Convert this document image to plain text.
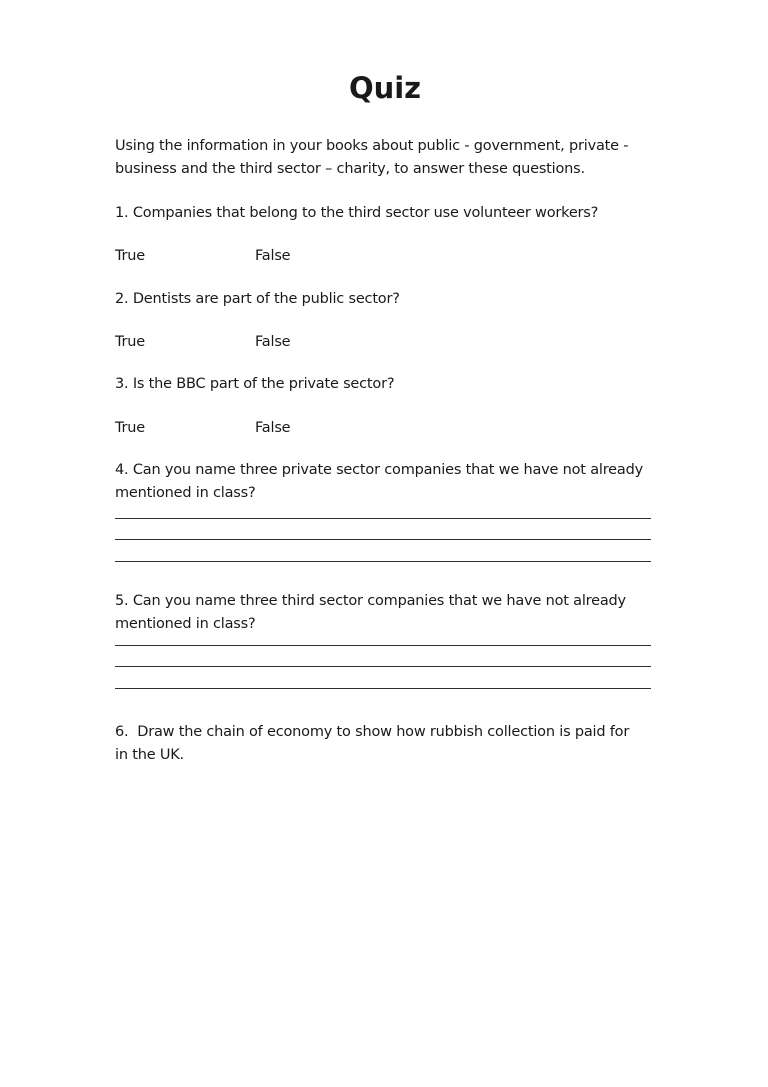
Quiz
Using the information in your books about public - government, private -
business and the third sector – charity, to answer these questions.
1. Companies that belong to the third sector use volunteer workers?
True	False
2. Dentists are part of the public sector?
True	False
3. Is the BBC part of the private sector?
True	False
4. Can you name three private sector companies that we have not already
mentioned in class?
5. Can you name three third sector companies that we have not already
mentioned in class?
6.  Draw the chain of economy to show how rubbish collection is paid for
in the UK.
